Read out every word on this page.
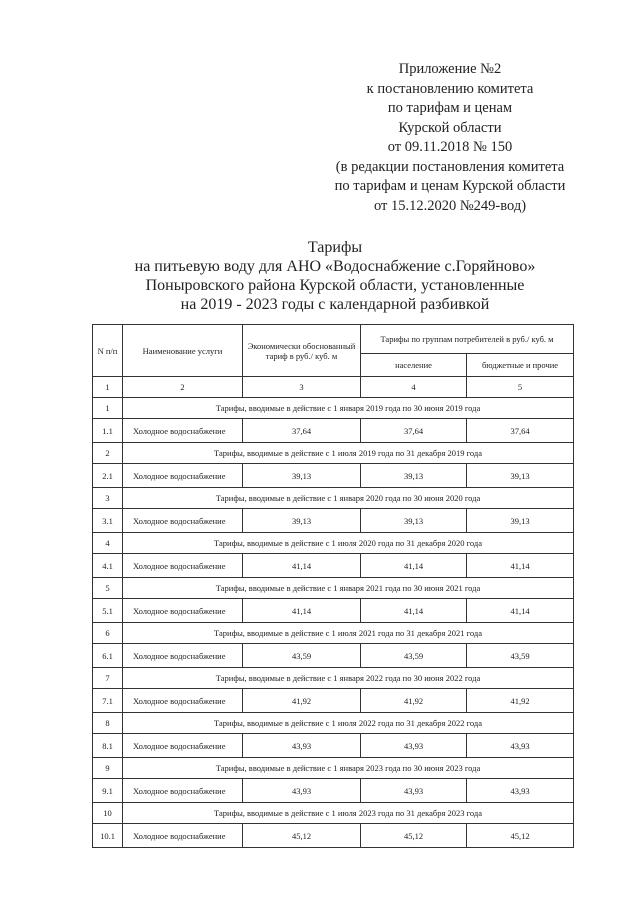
Приложение №2
к постановлению комитета
по тарифам и ценам
Курской области
от 09.11.2018 № 150
(в редакции постановления комитета
по тарифам и ценам Курской области
от 15.12.2020 №249-вод)
Тарифы
на питьевую воду для АНО «Водоснабжение с.Горяйново»
Поныровского района Курской области, установленные
на 2019 - 2023 годы с календарной разбивкой
N п/п	Наименование услуги	Экономически обоснованный тариф в руб./ куб. м	Тарифы по группам потребителей в руб./ куб. м	
			население	бюджетные и прочие
1	2	3	4	5
1	Тарифы, вводимые в действие с 1 января 2019 года по 30 июня 2019 года			
1.1	Холодное водоснабжение	37,64	37,64	37,64
2	Тарифы, вводимые в действие с 1 июля 2019 года по 31 декабря 2019 года			
2.1	Холодное водоснабжение	39,13	39,13	39,13
3	Тарифы, вводимые в действие с 1 января 2020 года по 30 июня 2020 года			
3.1	Холодное водоснабжение	39,13	39,13	39,13
4	Тарифы, вводимые в действие с 1 июля 2020 года по 31 декабря 2020 года			
4.1	Холодное водоснабжение	41,14	41,14	41,14
5	Тарифы, вводимые в действие с 1 января 2021 года по 30 июня 2021 года			
5.1	Холодное водоснабжение	41,14	41,14	41,14
6	Тарифы, вводимые в действие с 1 июля 2021 года по 31 декабря 2021 года			
6.1	Холодное водоснабжение	43,59	43,59	43,59
7	Тарифы, вводимые в действие с 1 января 2022 года по 30 июня 2022 года			
7.1	Холодное водоснабжение	41,92	41,92	41,92
8	Тарифы, вводимые в действие с 1 июля 2022 года по 31 декабря 2022 года			
8.1	Холодное водоснабжение	43,93	43,93	43,93
9	Тарифы, вводимые в действие с 1 января 2023 года по 30 июня 2023 года			
9.1	Холодное водоснабжение	43,93	43,93	43,93
10	Тарифы, вводимые в действие с 1 июля 2023 года по 31 декабря 2023 года			
10.1	Холодное водоснабжение	45,12	45,12	45,12
